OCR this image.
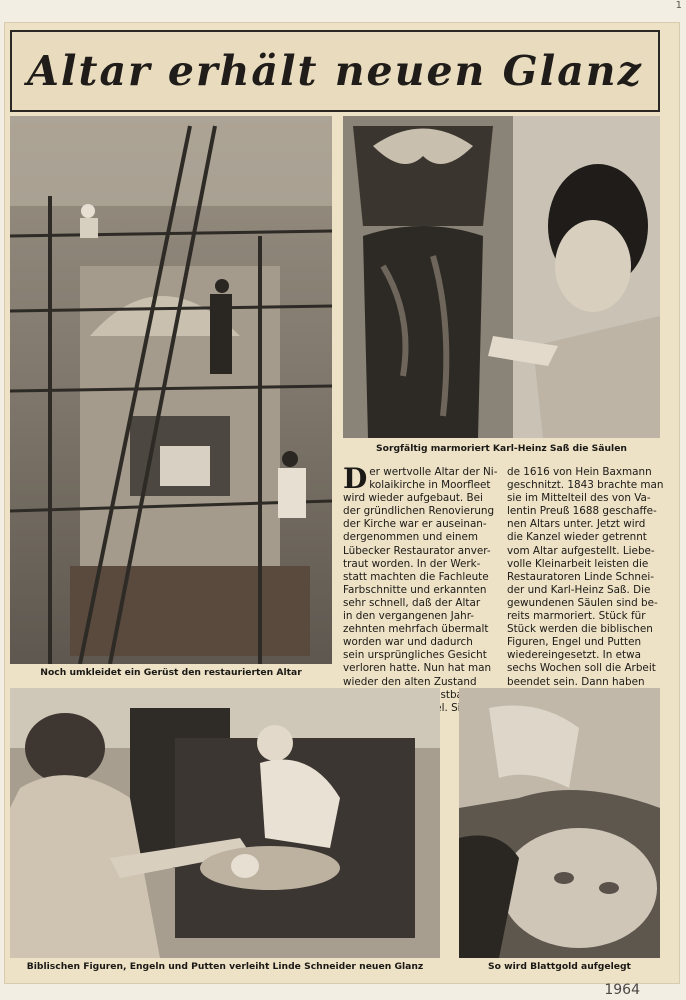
1
Altar erhält neuen Glanz
Noch umkleidet ein Gerüst den restaurierten Altar
Sorgfältig marmoriert Karl-Heinz Saß die Säulen
D er wertvolle Altar der Ni-
kolaikirche in Moorfleet
wird wieder aufgebaut. Bei
der gründlichen Renovierung
der Kirche war er auseinan-
dergenommen und einem
Lübecker Restaurator anver-
traut worden. In der Werk-
statt machten die Fachleute
Farbschnitte und erkannten
sehr schnell, daß der Altar
in den vergangenen Jahr-
zehnten mehrfach übermalt
worden war und dadurch
sein ursprüngliches Gesicht
verloren hatte. Nun hat man
wieder den alten Zustand
kostbarste
de 1616 von Hein Baxmann
geschnitzt. 1843 brachte man
sie im Mittelteil des von Va-
lentin Preuß 1688 geschaffe-
nen Altars unter. Jetzt wird
die Kanzel wieder getrennt
vom Altar aufgestellt. Liebe-
volle Kleinarbeit leisten die
Restauratoren Linde Schnei-
der und Karl-Heinz Saß. Die
gewundenen Säulen sind be-
reits marmoriert. Stück für
Stück werden die biblischen
Figuren, Engel und Putten
wiedereingesetzt. In etwa
sechs Wochen soll die Arbeit
beendet sein. Dann haben
Biblischen Figuren, Engeln und Putten verleiht Linde Schneider neuen Glanz	So wird Blattgold aufgelegt
1964
